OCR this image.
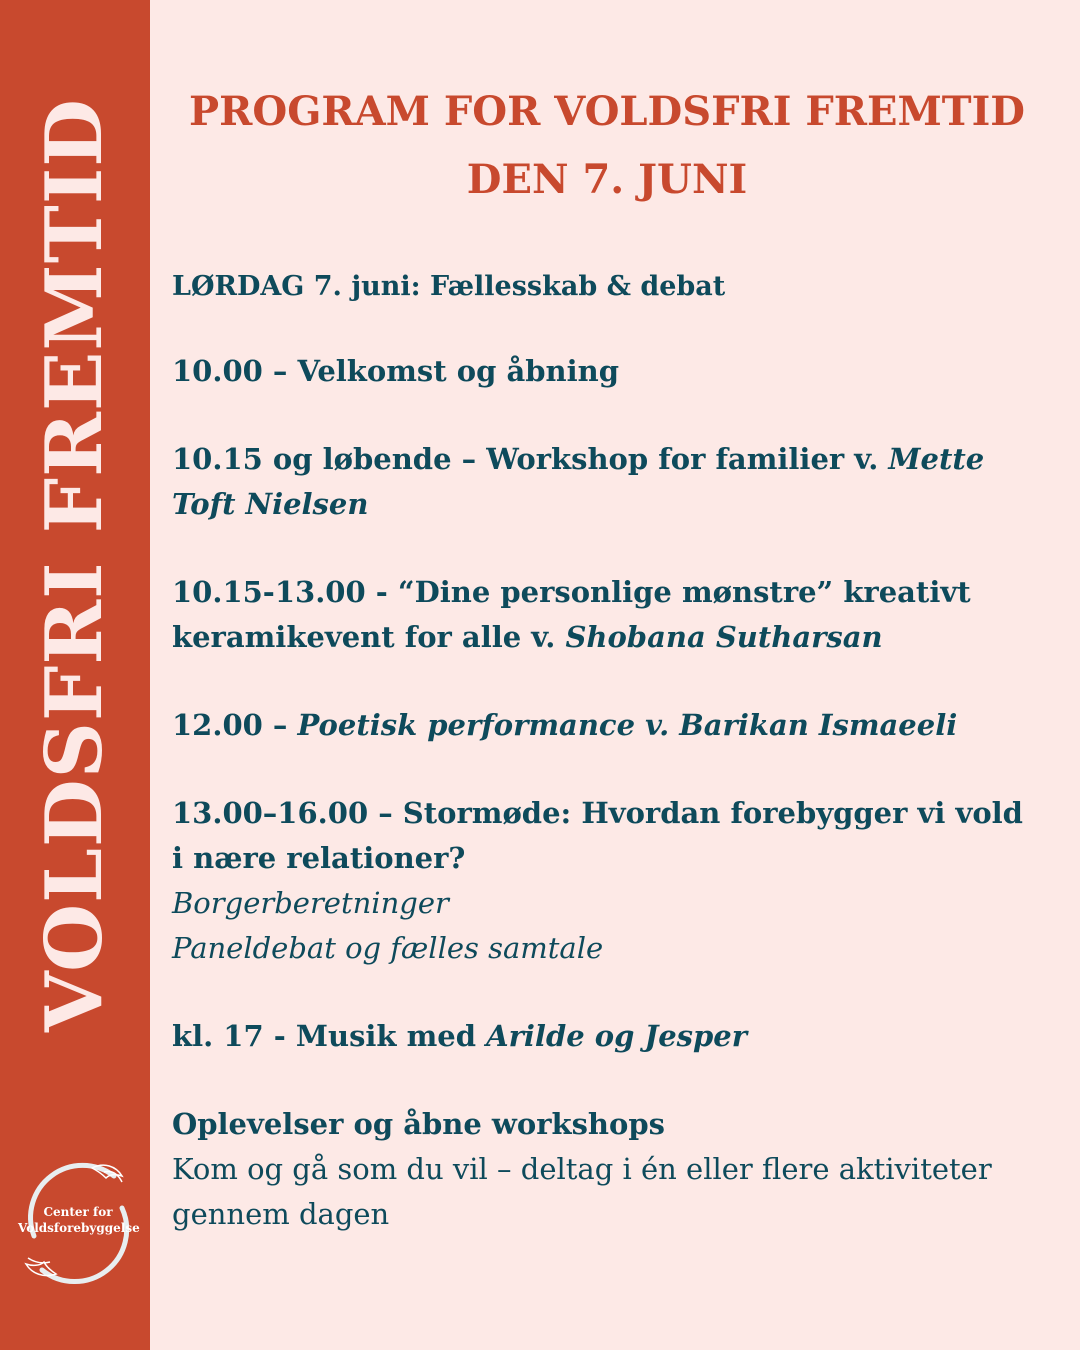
VOLDSFRI FREMTID
Center for
Voldsforebyggelse
PROGRAM FOR VOLDSFRI FREMTID
DEN 7. JUNI
LØRDAG 7. juni: Fællesskab & debat
10.00 – Velkomst og åbning
10.15 og løbende – Workshop for familier v. Mette Toft Nielsen
10.15-13.00 - “Dine personlige mønstre” kreativt keramikevent for alle v. Shobana Sutharsan
12.00 – Poetisk performance v. Barikan Ismaeeli
13.00–16.00 – Stormøde: Hvordan forebygger vi vold i nære relationer?
Borgerberetninger
Paneldebat og fælles samtale
kl. 17 - Musik med Arilde og Jesper
Oplevelser og åbne workshops
Kom og gå som du vil – deltag i én eller flere aktiviteter gennem dagen
